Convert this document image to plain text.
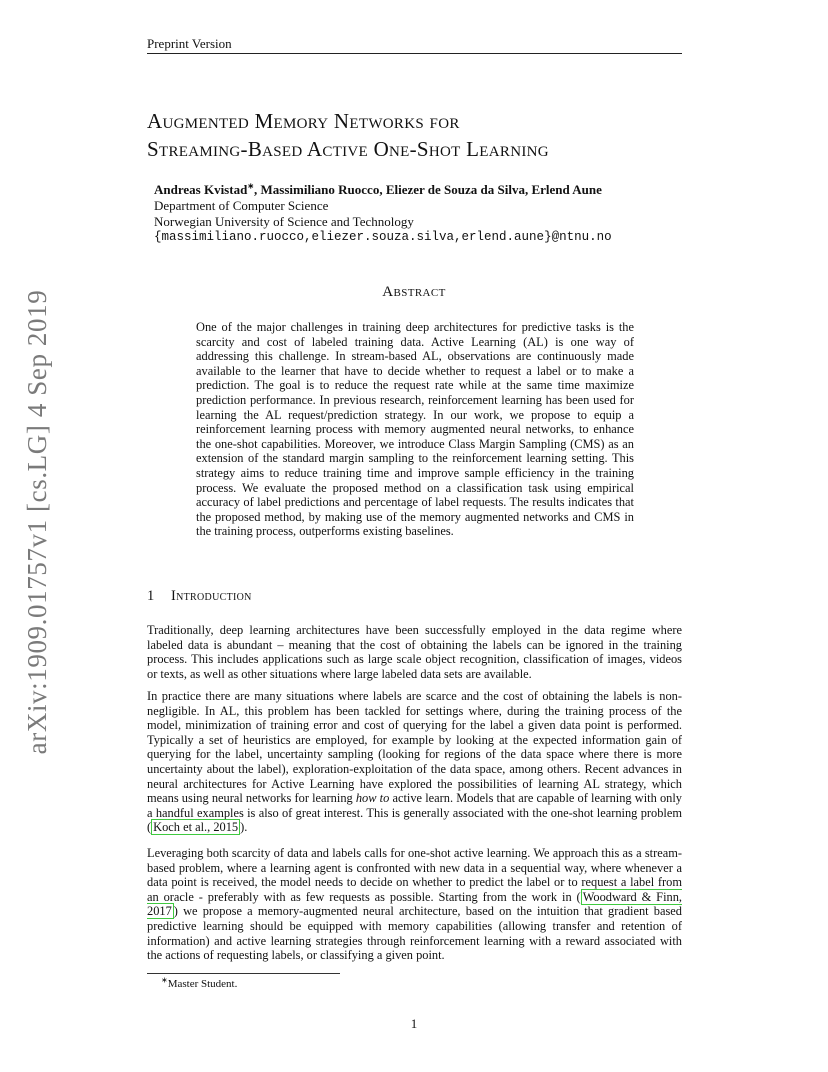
Preprint Version
Augmented Memory Networks for
Streaming-Based Active One-Shot Learning
Andreas Kvistad∗, Massimiliano Ruocco, Eliezer de Souza da Silva, Erlend Aune
Department of Computer Science
Norwegian University of Science and Technology
{massimiliano.ruocco,eliezer.souza.silva,erlend.aune}@ntnu.no
Abstract
One of the major challenges in training deep architectures for predictive tasks is the scarcity and cost of labeled training data. Active Learning (AL) is one way of addressing this challenge. In stream-based AL, observations are continuously made available to the learner that have to decide whether to request a label or to make a prediction. The goal is to reduce the request rate while at the same time maximize prediction performance. In previous research, reinforcement learning has been used for learning the AL request/prediction strategy. In our work, we propose to equip a reinforcement learning process with memory augmented neural networks, to enhance the one-shot capabilities. Moreover, we introduce Class Margin Sampling (CMS) as an extension of the standard margin sampling to the reinforcement learning setting. This strategy aims to reduce training time and improve sample efficiency in the training process. We evaluate the proposed method on a classification task using empirical accuracy of label predictions and percentage of label requests. The results indicates that the proposed method, by making use of the memory augmented networks and CMS in the training process, outperforms existing baselines.
1 Introduction

Traditionally, deep learning architectures have been successfully employed in the data regime where labeled data is abundant – meaning that the cost of obtaining the labels can be ignored in the training process. This includes applications such as large scale object recognition, classification of images, videos or texts, as well as other situations where large labeled data sets are available.

In practice there are many situations where labels are scarce and the cost of obtaining the labels is non-negligible. In AL, this problem has been tackled for settings where, during the training process of the model, minimization of training error and cost of querying for the label a given data point is performed. Typically a set of heuristics are employed, for example by looking at the expected information gain of querying for the label, uncertainty sampling (looking for regions of the data space where there is more uncertainty about the label), exploration-exploitation of the data space, among others. Recent advances in neural architectures for Active Learning have explored the possibilities of learning AL strategy, which means using neural networks for learning how to active learn. Models that are capable of learning with only a handful examples is also of great interest. This is generally associated with the one-shot learning problem ( Koch et al., 2015 ).

Leveraging both scarcity of data and labels calls for one-shot active learning. We approach this as a stream-based problem, where a learning agent is confronted with new data in a sequential way, where whenever a data point is received, the model needs to decide on whether to predict the label or to request a label from an oracle - preferably with as few requests as possible. Starting from the work in ( Woodward & Finn, 2017 ) we propose a memory-augmented neural architecture, based on the intuition that gradient based predictive learning should be equipped with memory capabilities (allowing transfer and retention of information) and active learning strategies through reinforcement learning with a reward associated with the actions of requesting labels, or classifying a given point.

∗Master Student.
1
arXiv:1909.01757v1 [cs.LG] 4 Sep 2019
